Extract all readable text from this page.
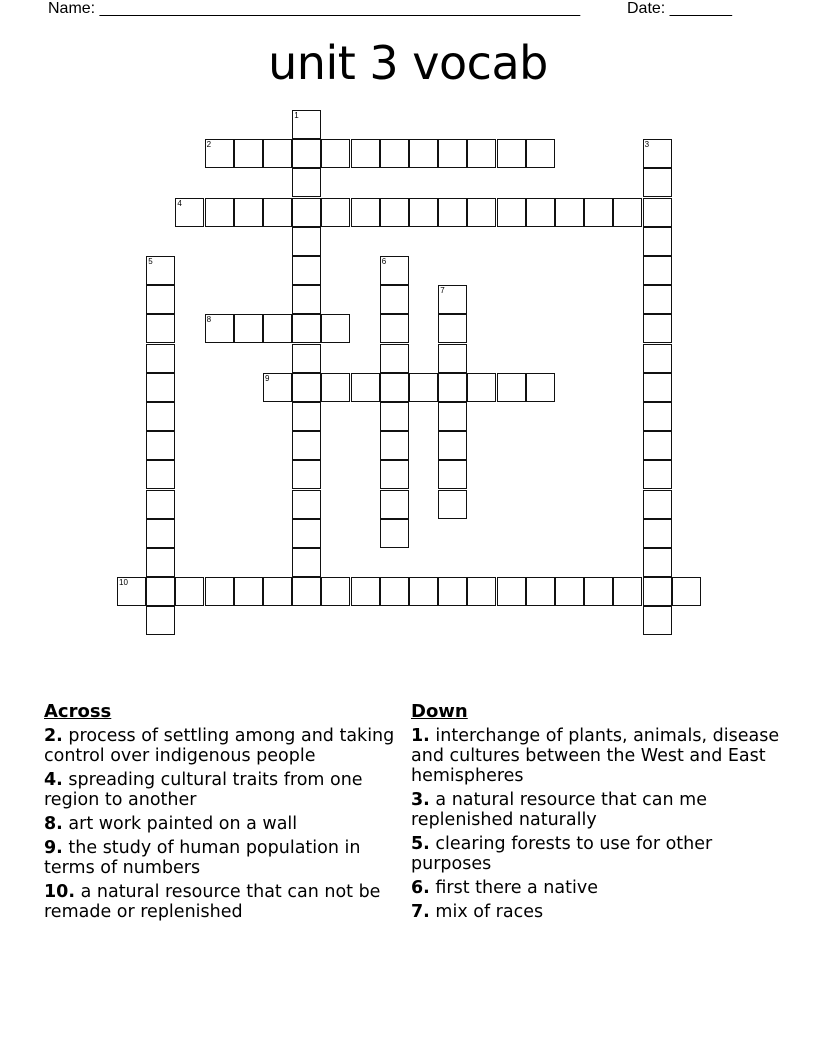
Name: ______________________________________________________	Date: _______
unit 3 vocab
1
2	3
4
5	6
7
8
9
10
Across
2. process of settling among and taking control over indigenous people
4. spreading cultural traits from one region to another
8. art work painted on a wall
9. the study of human population in terms of numbers
10. a natural resource that can not be remade or replenished
Down
1. interchange of plants, animals, disease and cultures between the West and East hemispheres
3. a natural resource that can me replenished naturally
5. clearing forests to use for other purposes
6. first there a native
7. mix of races
